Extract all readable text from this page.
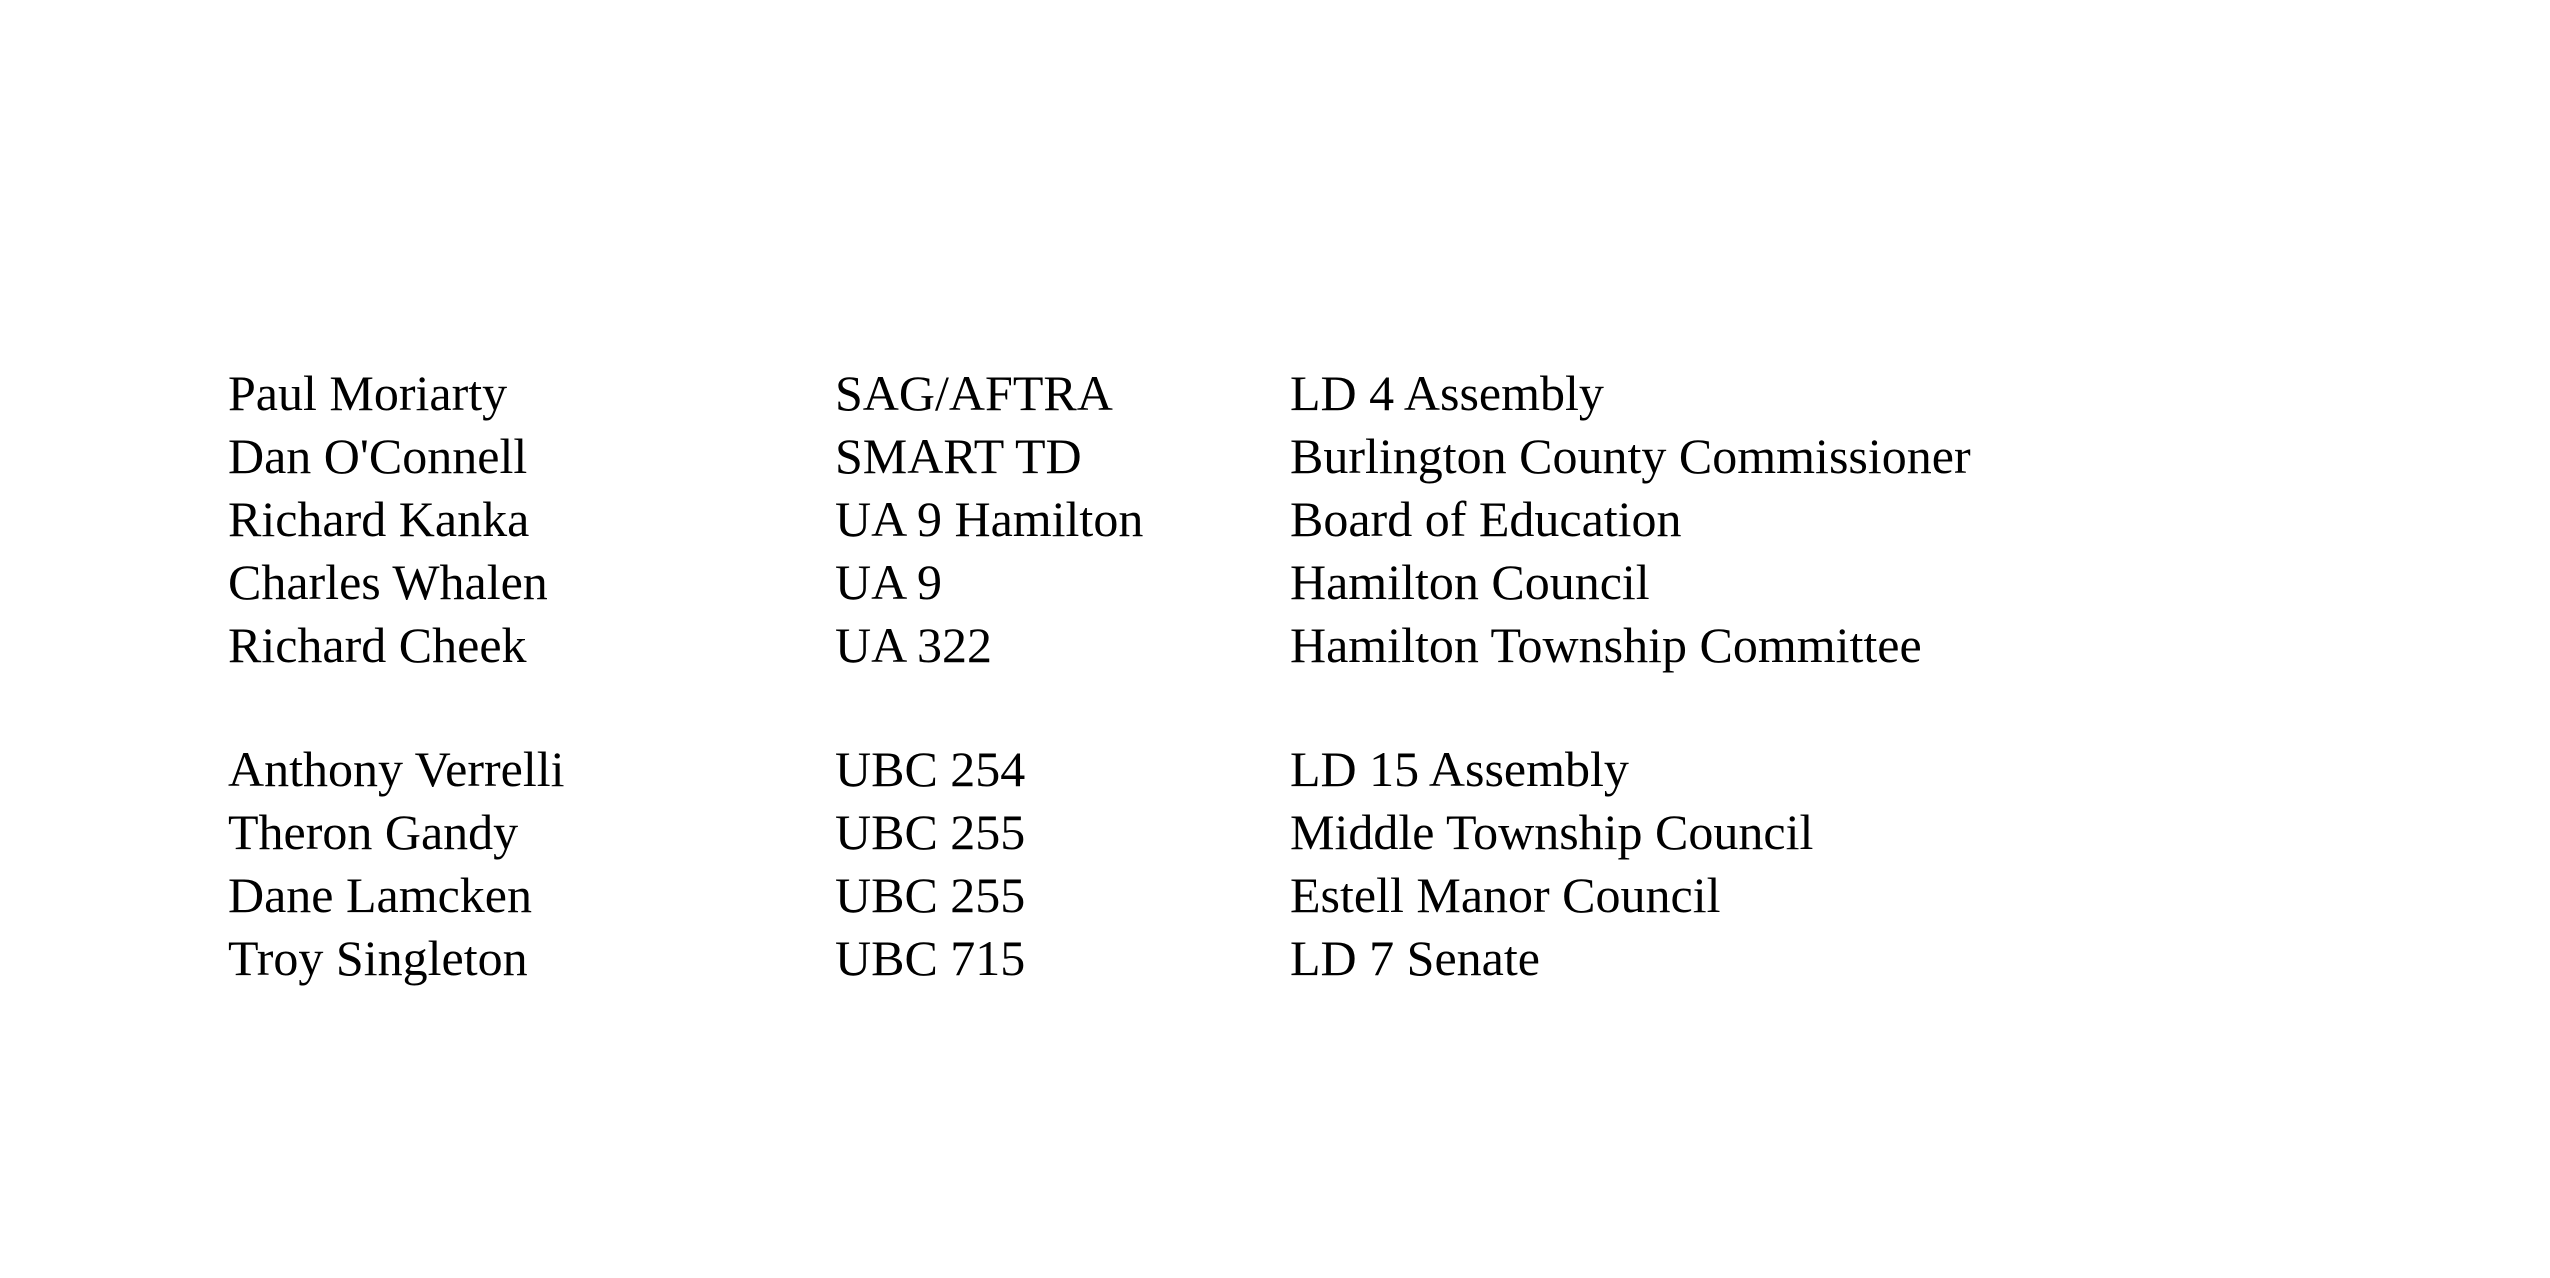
Paul Moriarty	SAG/AFTRA	LD 4 Assembly
Dan O'Connell	SMART TD	Burlington County Commissioner
Richard Kanka	UA 9 Hamilton	Board of Education
Charles Whalen	UA 9	Hamilton Council
Richard Cheek	UA 322	Hamilton Township Committee
Anthony Verrelli	UBC 254	LD 15 Assembly
Theron Gandy	UBC 255	Middle Township Council
Dane Lamcken	UBC 255	Estell Manor Council
Troy Singleton	UBC 715	LD 7 Senate
